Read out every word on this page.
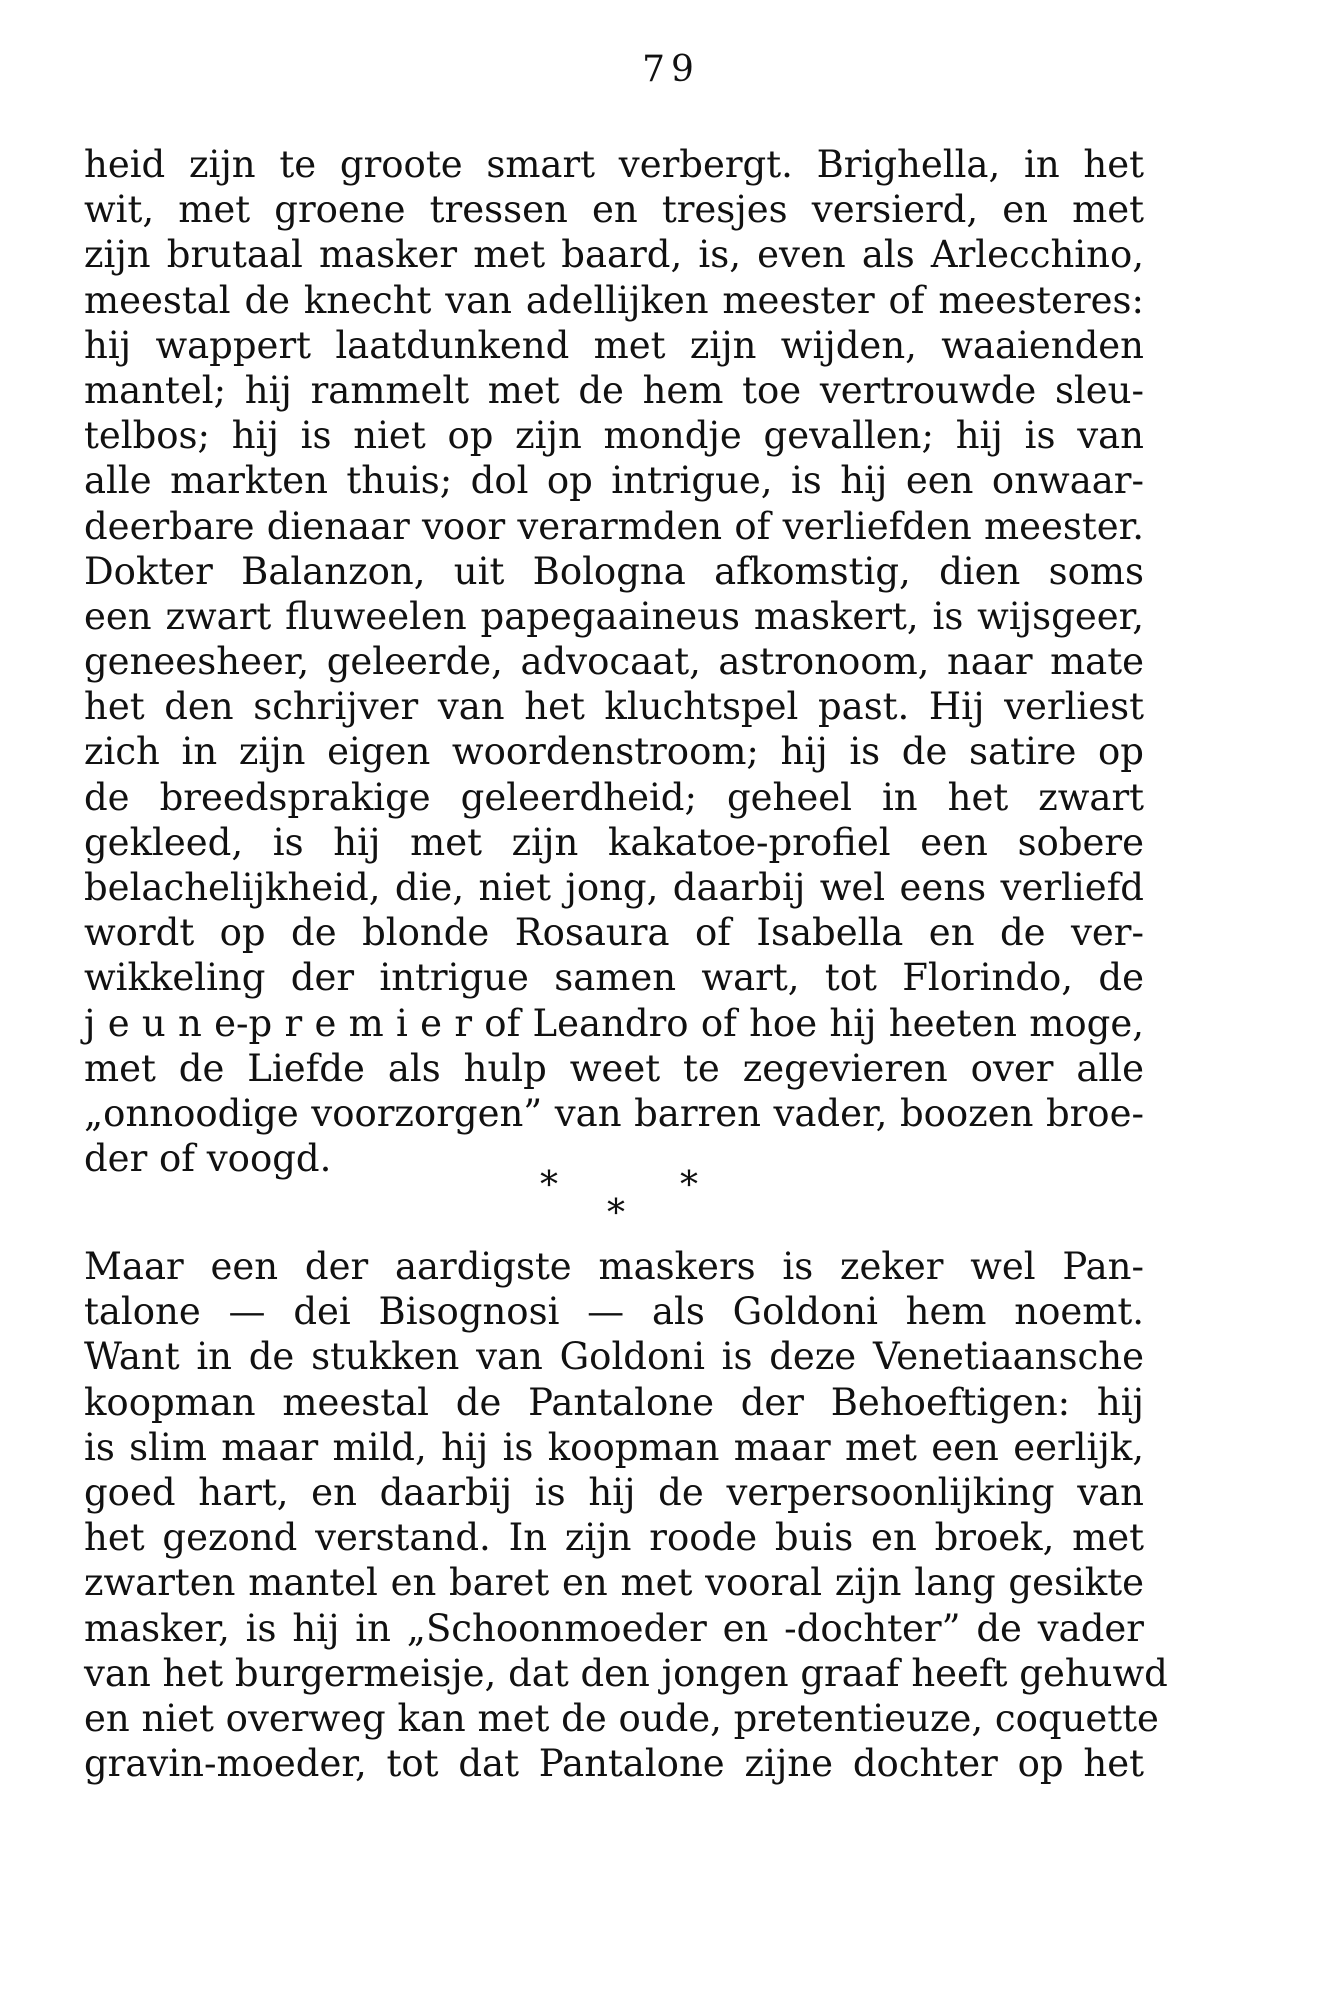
79
heid zijn te groote smart verbergt. Brighella, in het
wit, met groene tressen en tresjes versierd, en met
zijn brutaal masker met baard, is, even als Arlecchino,
meestal de knecht van adellijken meester of meesteres:
hij wappert laatdunkend met zijn wijden, waaienden
mantel; hij rammelt met de hem toe vertrouwde sleu-
telbos; hij is niet op zijn mondje gevallen; hij is van
alle markten thuis; dol op intrigue, is hij een onwaar-
deerbare dienaar voor verarmden of verliefden meester.
Dokter Balanzon, uit Bologna afkomstig, dien soms
een zwart fluweelen papegaaineus maskert, is wijsgeer,
geneesheer, geleerde, advocaat, astronoom, naar mate
het den schrijver van het kluchtspel past. Hij verliest
zich in zijn eigen woordenstroom; hij is de satire op
de breedsprakige geleerdheid; geheel in het zwart
gekleed, is hij met zijn kakatoe-profiel een sobere
belachelijkheid, die, niet jong, daarbij wel eens verliefd
wordt op de blonde Rosaura of Isabella en de ver-
wikkeling der intrigue samen wart, tot Florindo, de
j e u n e-p r e m i e r of Leandro of hoe hij heeten moge,
met de Liefde als hulp weet te zegevieren over alle
„onnoodige voorzorgen” van barren vader, boozen broe-
der of voogd.
*	*
*
Maar een der aardigste maskers is zeker wel Pan-
talone — dei Bisognosi — als Goldoni hem noemt.
Want in de stukken van Goldoni is deze Venetiaansche
koopman meestal de Pantalone der Behoeftigen: hij
is slim maar mild, hij is koopman maar met een eerlijk,
goed hart, en daarbij is hij de verpersoonlijking van
het gezond verstand. In zijn roode buis en broek, met
zwarten mantel en baret en met vooral zijn lang gesikte
masker, is hij in „Schoonmoeder en -dochter” de vader
van het burgermeisje, dat den jongen graaf heeft gehuwd
en niet overweg kan met de oude, pretentieuze, coquette
gravin-moeder, tot dat Pantalone zijne dochter op het
